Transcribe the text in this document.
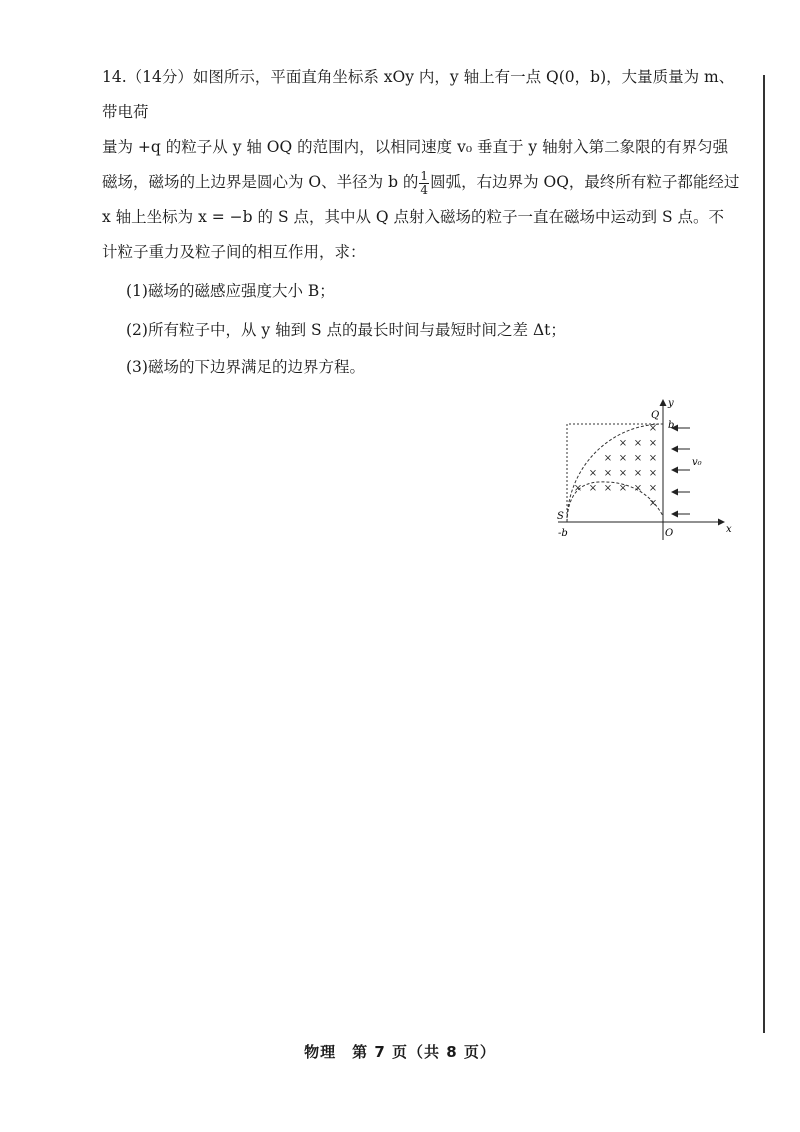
14.（14分）如图所示，平面直角坐标系 xOy 内，y 轴上有一点 Q(0，b)，大量质量为 m、带电荷

量为 +q 的粒子从 y 轴 OQ 的范围内，以相同速度 v₀ 垂直于 y 轴射入第二象限的有界匀强

磁场，磁场的上边界是圆心为 O、半径为 b 的 $\frac{1}{4}$ 圆弧，右边界为 OQ，最终所有粒子都能经过

x 轴上坐标为 x = −b 的 S 点，其中从 Q 点射入磁场的粒子一直在磁场中运动到 S 点。不

计粒子重力及粒子间的相互作用，求：

(1)磁场的磁感应强度大小 B；
(2)所有粒子中，从 y 轴到 S 点的最长时间与最短时间之差 Δt；
(3)磁场的下边界满足的边界方程。
×
× × ×
× × × ×
× × × × ×
× × × × × ×
×
y
x
Q
b
S
-b	O
v₀
物理　第 7 页（共 8 页）
